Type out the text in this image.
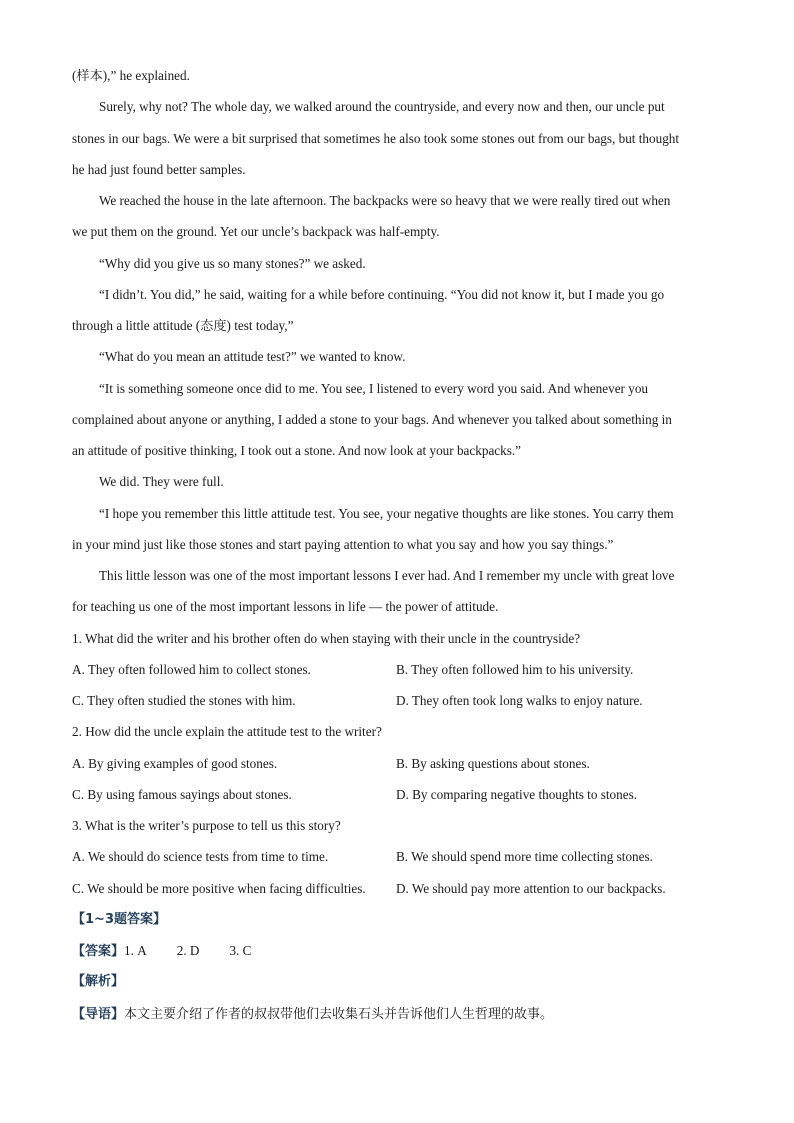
(样本),” he explained.
Surely, why not? The whole day, we walked around the countryside, and every now and then, our uncle put
stones in our bags. We were a bit surprised that sometimes he also took some stones out from our bags, but thought
he had just found better samples.
We reached the house in the late afternoon. The backpacks were so heavy that we were really tired out when
we put them on the ground. Yet our uncle’s backpack was half-empty.
“Why did you give us so many stones?” we asked.
“I didn’t. You did,” he said, waiting for a while before continuing. “You did not know it, but I made you go
through a little attitude (态度) test today,”
“What do you mean an attitude test?” we wanted to know.
“It is something someone once did to me. You see, I listened to every word you said. And whenever you
complained about anyone or anything, I added a stone to your bags. And whenever you talked about something in
an attitude of positive thinking, I took out a stone. And now look at your backpacks.”
We did. They were full.
“I hope you remember this little attitude test. You see, your negative thoughts are like stones. You carry them
in your mind just like those stones and start paying attention to what you say and how you say things.”
This little lesson was one of the most important lessons I ever had. And I remember my uncle with great love
for teaching us one of the most important lessons in life — the power of attitude.
1. What did the writer and his brother often do when staying with their uncle in the countryside?
A. They often followed him to collect stones.	B. They often followed him to his university.
C. They often studied the stones with him.	D. They often took long walks to enjoy nature.
2. How did the uncle explain the attitude test to the writer?
A. By giving examples of good stones.	B. By asking questions about stones.
C. By using famous sayings about stones.	D. By comparing negative thoughts to stones.
3. What is the writer’s purpose to tell us this story?
A. We should do science tests from time to time.	B. We should spend more time collecting stones.
C. We should be more positive when facing difficulties.	D. We should pay more attention to our backpacks.
【1~3题答案】
【答案】1. A 2. D 3. C
【解析】
【导语】本文主要介绍了作者的叔叔带他们去收集石头并告诉他们人生哲理的故事。
